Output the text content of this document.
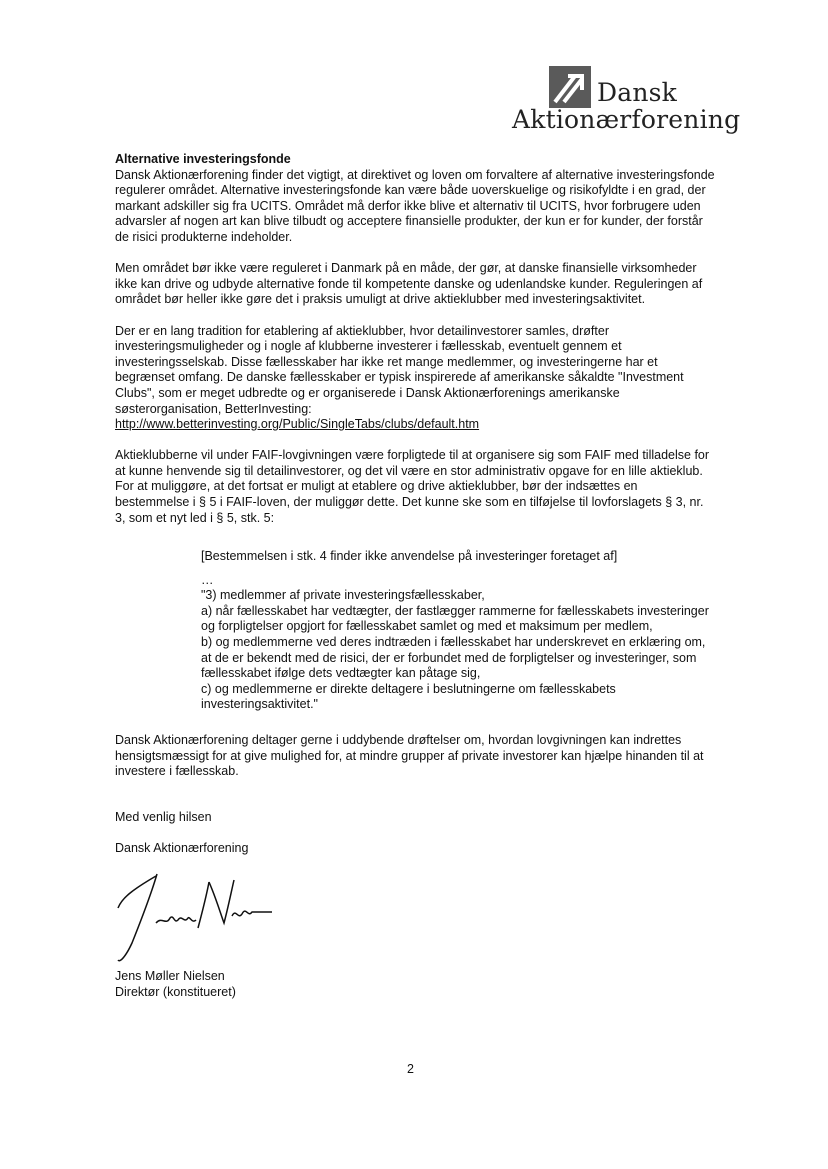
Dansk
Aktionærforening

Alternative investeringsfonde
Dansk Aktionærforening finder det vigtigt, at direktivet og loven om forvaltere af alternative investeringsfonde regulerer området. Alternative investeringsfonde kan være både uoverskuelige og risikofyldte i en grad, der markant adskiller sig fra UCITS. Området må derfor ikke blive et alternativ til UCITS, hvor forbrugere uden advarsler af nogen art kan blive tilbudt og acceptere finansielle produkter, der kun er for kunder, der forstår de risici produkterne indeholder.

Men området bør ikke være reguleret i Danmark på en måde, der gør, at danske finansielle virksomheder ikke kan drive og udbyde alternative fonde til kompetente danske og udenlandske kunder. Reguleringen af området bør heller ikke gøre det i praksis umuligt at drive aktieklubber med investeringsaktivitet.

Der er en lang tradition for etablering af aktieklubber, hvor detailinvestorer samles, drøfter investeringsmuligheder og i nogle af klubberne investerer i fællesskab, eventuelt gennem et investeringsselskab. Disse fællesskaber har ikke ret mange medlemmer, og investeringerne har et begrænset omfang. De danske fællesskaber er typisk inspirerede af amerikanske såkaldte "Investment Clubs", som er meget udbredte og er organiserede i Dansk Aktionærforenings amerikanske søsterorganisation, BetterInvesting:
http://www.betterinvesting.org/Public/SingleTabs/clubs/default.htm

Aktieklubberne vil under FAIF-lovgivningen være forpligtede til at organisere sig som FAIF med tilladelse for at kunne henvende sig til detailinvestorer, og det vil være en stor administrativ opgave for en lille aktieklub. For at muliggøre, at det fortsat er muligt at etablere og drive aktieklubber, bør der indsættes en bestemmelse i § 5 i FAIF-loven, der muliggør dette. Det kunne ske som en tilføjelse til lovforslagets § 3, nr. 3, som et nyt led i § 5, stk. 5:

[Bestemmelsen i stk. 4 finder ikke anvendelse på investeringer foretaget af]

…

"3) medlemmer af private investeringsfællesskaber,

a) når fællesskabet har vedtægter, der fastlægger rammerne for fællesskabets investeringer og forpligtelser opgjort for fællesskabet samlet og med et maksimum per medlem,

b) og medlemmerne ved deres indtræden i fællesskabet har underskrevet en erklæring om, at de er bekendt med de risici, der er forbundet med de forpligtelser og investeringer, som fællesskabet ifølge dets vedtægter kan påtage sig,

c) og medlemmerne er direkte deltagere i beslutningerne om fællesskabets investeringsaktivitet."

Dansk Aktionærforening deltager gerne i uddybende drøftelser om, hvordan lovgivningen kan indrettes hensigtsmæssigt for at give mulighed for, at mindre grupper af private investorer kan hjælpe hinanden til at investere i fællesskab.
Med venlig hilsen
Dansk Aktionærforening
Jens Møller Nielsen
Direktør (konstitueret)
2
